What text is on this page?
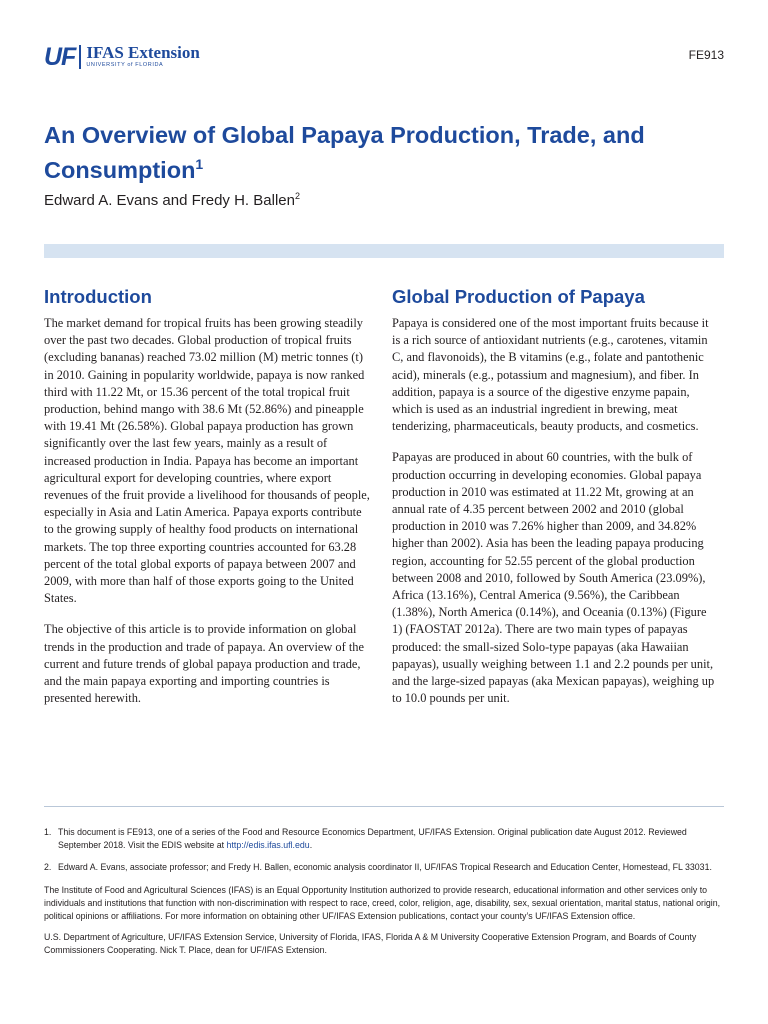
UF IFAS Extension
UNIVERSITY of FLORIDA
FE913
An Overview of Global Papaya Production, Trade, and Consumption$^1$
Edward A. Evans and Fredy H. Ballen$^2$
Introduction

The market demand for tropical fruits has been growing steadily over the past two decades. Global production of tropical fruits (excluding bananas) reached 73.02 million (M) metric tonnes (t) in 2010. Gaining in popularity worldwide, papaya is now ranked third with 11.22 Mt, or 15.36 percent of the total tropical fruit production, behind mango with 38.6 Mt (52.86%) and pineapple with 19.41 Mt (26.58%). Global papaya production has grown significantly over the last few years, mainly as a result of increased production in India. Papaya has become an important agricultural export for developing countries, where export revenues of the fruit provide a livelihood for thousands of people, especially in Asia and Latin America. Papaya exports contribute to the growing supply of healthy food products on international markets. The top three exporting countries accounted for 63.28 percent of the total global exports of papaya between 2007 and 2009, with more than half of those exports going to the United States.

The objective of this article is to provide information on global trends in the production and trade of papaya. An overview of the current and future trends of global papaya production and trade, and the main papaya exporting and importing countries is presented herewith.

Global Production of Papaya

Papaya is considered one of the most important fruits because it is a rich source of antioxidant nutrients (e.g., carotenes, vitamin C, and flavonoids), the B vitamins (e.g., folate and pantothenic acid), minerals (e.g., potassium and magnesium), and fiber. In addition, papaya is a source of the digestive enzyme papain, which is used as an industrial ingredient in brewing, meat tenderizing, pharmaceuticals, beauty products, and cosmetics.

Papayas are produced in about 60 countries, with the bulk of production occurring in developing economies. Global papaya production in 2010 was estimated at 11.22 Mt, growing at an annual rate of 4.35 percent between 2002 and 2010 (global production in 2010 was 7.26% higher than 2009, and 34.82% higher than 2002). Asia has been the leading papaya producing region, accounting for 52.55 percent of the global production between 2008 and 2010, followed by South America (23.09%), Africa (13.16%), Central America (9.56%), the Caribbean (1.38%), North America (0.14%), and Oceania (0.13%) (Figure 1) (FAOSTAT 2012a). There are two main types of papayas produced: the small-sized Solo-type papayas (aka Hawaiian papayas), usually weighing between 1.1 and 2.2 pounds per unit, and the large-sized papayas (aka Mexican papayas), weighing up to 10.0 pounds per unit.

1. This document is FE913, one of a series of the Food and Resource Economics Department, UF/IFAS Extension. Original publication date August 2012. Reviewed September 2018. Visit the EDIS website at http://edis.ifas.ufl.edu.
2. Edward A. Evans, associate professor; and Fredy H. Ballen, economic analysis coordinator II, UF/IFAS Tropical Research and Education Center, Homestead, FL 33031.

The Institute of Food and Agricultural Sciences (IFAS) is an Equal Opportunity Institution authorized to provide research, educational information and other services only to individuals and institutions that function with non-discrimination with respect to race, creed, color, religion, age, disability, sex, sexual orientation, marital status, national origin, political opinions or affiliations. For more information on obtaining other UF/IFAS Extension publications, contact your county’s UF/IFAS Extension office.

U.S. Department of Agriculture, UF/IFAS Extension Service, University of Florida, IFAS, Florida A & M University Cooperative Extension Program, and Boards of County Commissioners Cooperating. Nick T. Place, dean for UF/IFAS Extension.
